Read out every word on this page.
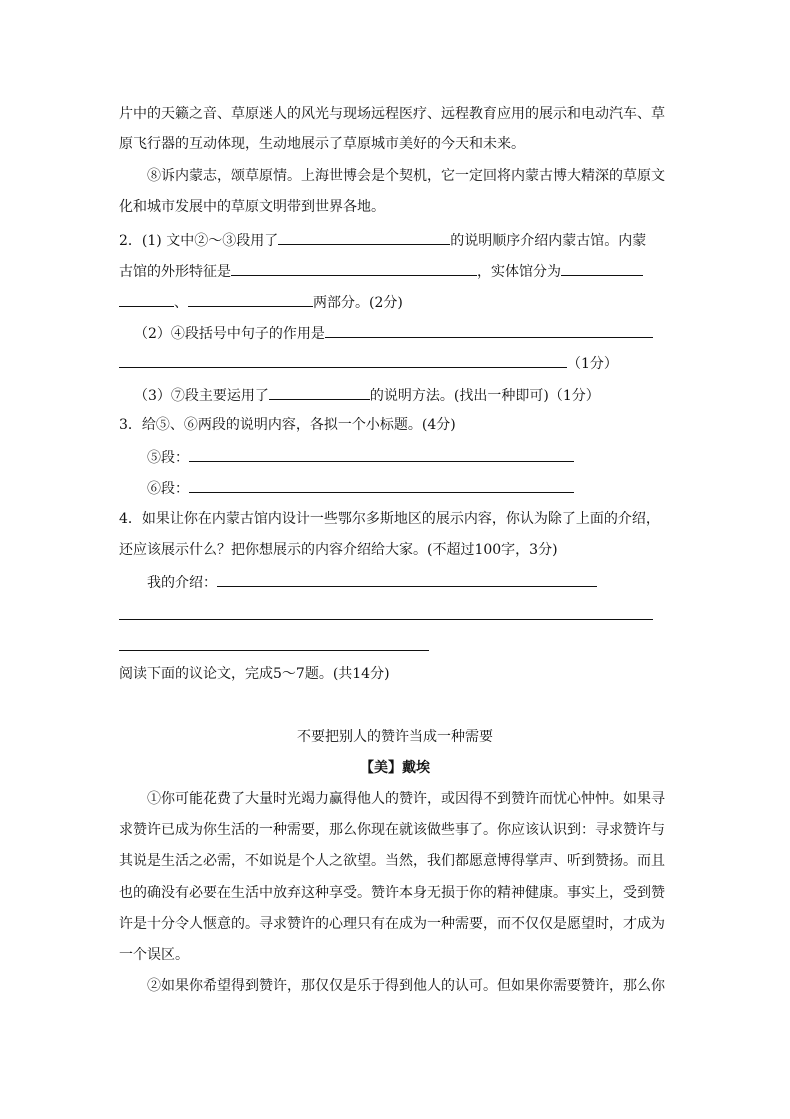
片中的天籁之音、草原迷人的风光与现场远程医疗、远程教育应用的展示和电动汽车、草
原飞行器的互动体现，生动地展示了草原城市美好的今天和未来。
⑧诉内蒙志，颂草原情。上海世博会是个契机，它一定回将内蒙古博大精深的草原文
化和城市发展中的草原文明带到世界各地。
2．(1) 文中②～③段用了	的说明顺序介绍内蒙古馆。内蒙
古馆的外形特征是	，实体馆分为
、	两部分。(2分)
（2）④段括号中句子的作用是
（1分）
（3）⑦段主要运用了	的说明方法。(找出一种即可)（1分）
3．给⑤、⑥两段的说明内容，各拟一个小标题。(4分)
⑤段：
⑥段：
4．如果让你在内蒙古馆内设计一些鄂尔多斯地区的展示内容，你认为除了上面的介绍，
还应该展示什么？把你想展示的内容介绍给大家。(不超过100字，3分)
我的介绍：
阅读下面的议论文，完成5～7题。(共14分)
不要把别人的赞许当成一种需要
【美】戴埃
①你可能花费了大量时光竭力赢得他人的赞许，或因得不到赞许而忧心忡忡。如果寻
求赞许已成为你生活的一种需要，那么你现在就该做些事了。你应该认识到：寻求赞许与
其说是生活之必需，不如说是个人之欲望。当然，我们都愿意博得掌声、听到赞扬。而且
也的确没有必要在生活中放弃这种享受。赞许本身无损于你的精神健康。事实上，受到赞
许是十分令人惬意的。寻求赞许的心理只有在成为一种需要，而不仅仅是愿望时，才成为
一个误区。
②如果你希望得到赞许，那仅仅是乐于得到他人的认可。但如果你需要赞许，那么你
